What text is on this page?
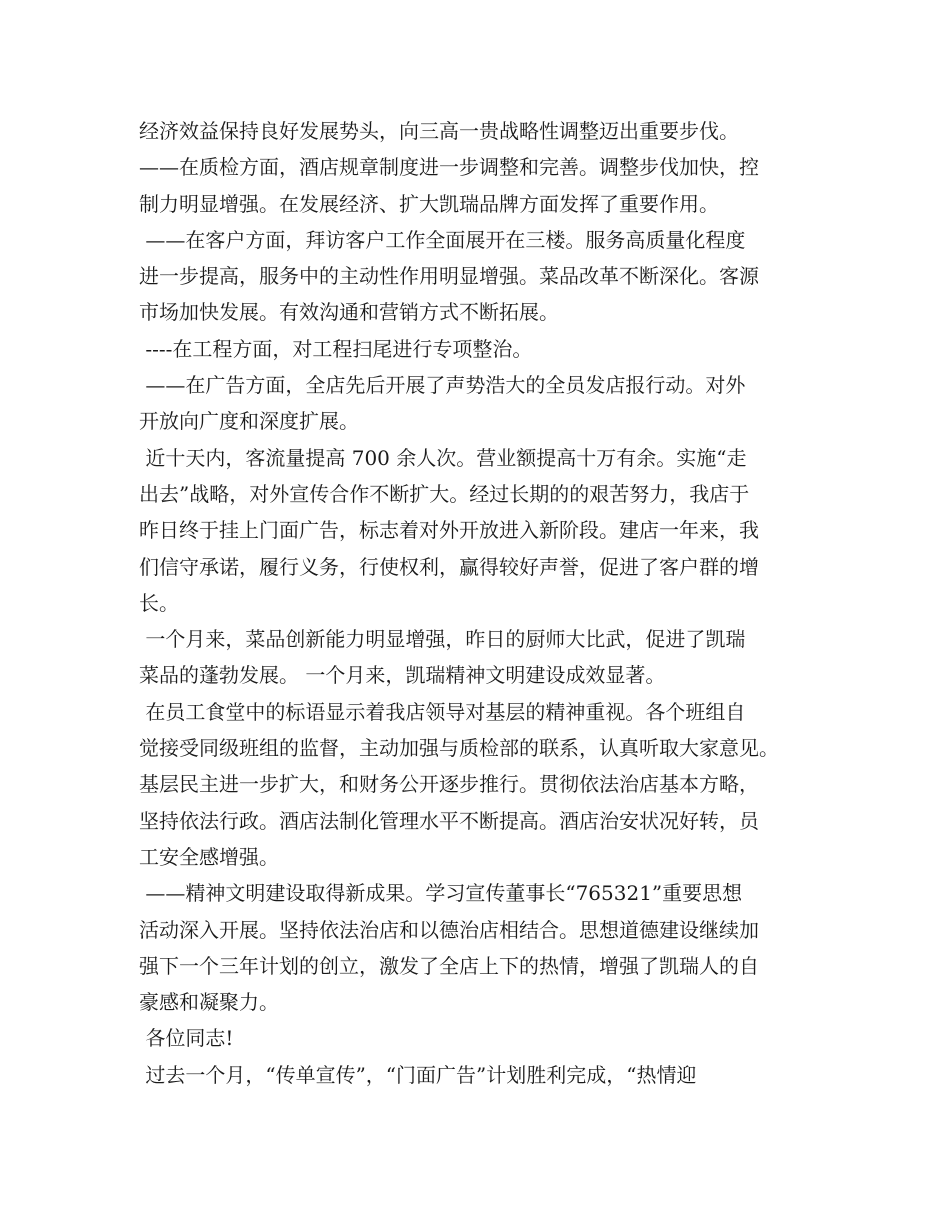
经济效益保持良好发展势头，向三高一贵战略性调整迈出重要步伐。
——在质检方面，酒店规章制度进一步调整和完善。调整步伐加快，控
制力明显增强。在发展经济、扩大凯瑞品牌方面发挥了重要作用。
——在客户方面，拜访客户工作全面展开在三楼。服务高质量化程度
进一步提高，服务中的主动性作用明显增强。菜品改革不断深化。客源
市场加快发展。有效沟通和营销方式不断拓展。
----在工程方面，对工程扫尾进行专项整治。
——在广告方面，全店先后开展了声势浩大的全员发店报行动。对外
开放向广度和深度扩展。
近十天内，客流量提高 700 余人次。营业额提高十万有余。实施“走
出去”战略，对外宣传合作不断扩大。经过长期的的艰苦努力，我店于
昨日终于挂上门面广告，标志着对外开放进入新阶段。建店一年来，我
们信守承诺，履行义务，行使权利，赢得较好声誉，促进了客户群的增
长。
一个月来，菜品创新能力明显增强，昨日的厨师大比武，促进了凯瑞
菜品的蓬勃发展。 一个月来，凯瑞精神文明建设成效显著。
在员工食堂中的标语显示着我店领导对基层的精神重视。各个班组自
觉接受同级班组的监督，主动加强与质检部的联系，认真听取大家意见。
基层民主进一步扩大，和财务公开逐步推行。贯彻依法治店基本方略，
坚持依法行政。酒店法制化管理水平不断提高。酒店治安状况好转，员
工安全感增强。
——精神文明建设取得新成果。学习宣传董事长“765321”重要思想
活动深入开展。坚持依法治店和以德治店相结合。思想道德建设继续加
强下一个三年计划的创立，激发了全店上下的热情，增强了凯瑞人的自
豪感和凝聚力。
各位同志!
过去一个月，“传单宣传”，“门面广告”计划胜利完成，“热情迎
